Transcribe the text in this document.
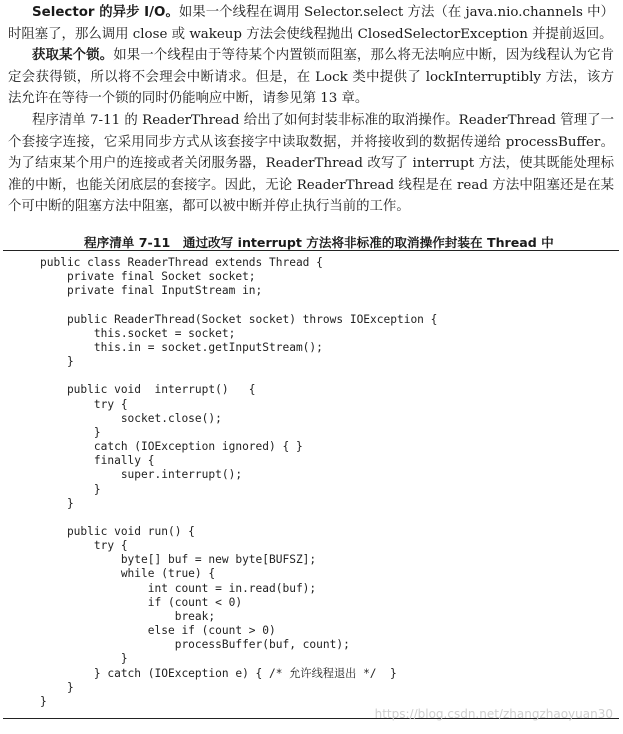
Selector 的异步 I/O。如果一个线程在调用 Selector.select 方法（在 java.nio.channels 中）时阻塞了，那么调用 close 或 wakeup 方法会使线程抛出 ClosedSelectorException 并提前返回。

获取某个锁。如果一个线程由于等待某个内置锁而阻塞，那么将无法响应中断，因为线程认为它肯定会获得锁，所以将不会理会中断请求。但是，在 Lock 类中提供了 lockInterruptibly 方法，该方法允许在等待一个锁的同时仍能响应中断，请参见第 13 章。

程序清单 7-11 的 ReaderThread 给出了如何封装非标准的取消操作。ReaderThread 管理了一个套接字连接，它采用同步方式从该套接字中读取数据，并将接收到的数据传递给 processBuffer。为了结束某个用户的连接或者关闭服务器，ReaderThread 改写了 interrupt 方法，使其既能处理标准的中断，也能关闭底层的套接字。因此，无论 ReaderThread 线程是在 read 方法中阻塞还是在某个可中断的阻塞方法中阻塞，都可以被中断并停止执行当前的工作。

程序清单 7-11　通过改写 interrupt 方法将非标准的取消操作封装在 Thread 中

public class ReaderThread extends Thread {
private final Socket socket;
private final InputStream in;

public ReaderThread(Socket socket) throws IOException {
this.socket = socket;
this.in = socket.getInputStream();
}

public void  interrupt()   {
try {
socket.close();
}
catch (IOException ignored) { }
finally {
super.interrupt();
}
}

public void run() {
try {
byte[] buf = new byte[BUFSZ];
while (true) {
int count = in.read(buf);
if (count < 0)
break;
else if (count > 0)
processBuffer(buf, count);
}
} catch (IOException e) { /* 允许线程退出 */  }
}
}
https://blog.csdn.net/zhangzhaoyuan30
